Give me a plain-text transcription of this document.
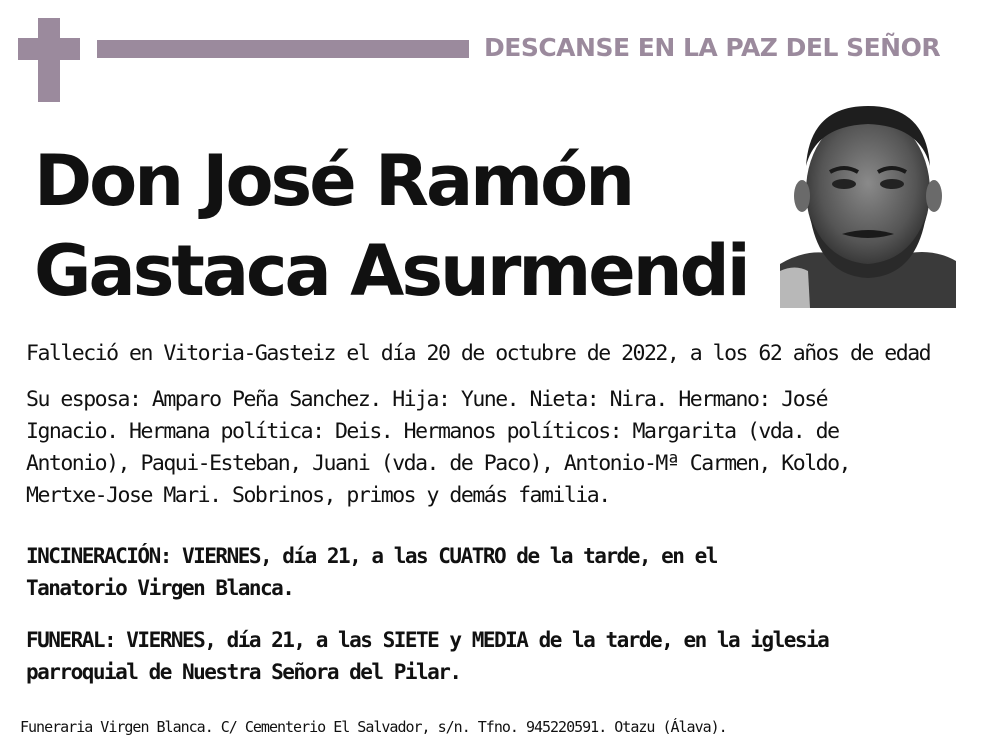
DESCANSE EN LA PAZ DEL SEÑOR
Don José Ramón
Gastaca Asurmendi
Falleció en Vitoria-Gasteiz el día 20 de octubre de 2022, a los 62 años de edad
Su esposa: Amparo Peña Sanchez. Hija: Yune. Nieta: Nira. Hermano: José
Ignacio. Hermana política: Deis. Hermanos políticos: Margarita (vda. de
Antonio), Paqui-Esteban, Juani (vda. de Paco), Antonio-Mª Carmen, Koldo,
Mertxe-Jose Mari. Sobrinos, primos y demás familia.
INCINERACIÓN: VIERNES, día 21, a las CUATRO de la tarde, en el
Tanatorio Virgen Blanca.
FUNERAL: VIERNES, día 21, a las SIETE y MEDIA de la tarde, en la iglesia
parroquial de Nuestra Señora del Pilar.
Funeraria Virgen Blanca. C/ Cementerio El Salvador, s/n. Tfno. 945220591. Otazu (Álava).
